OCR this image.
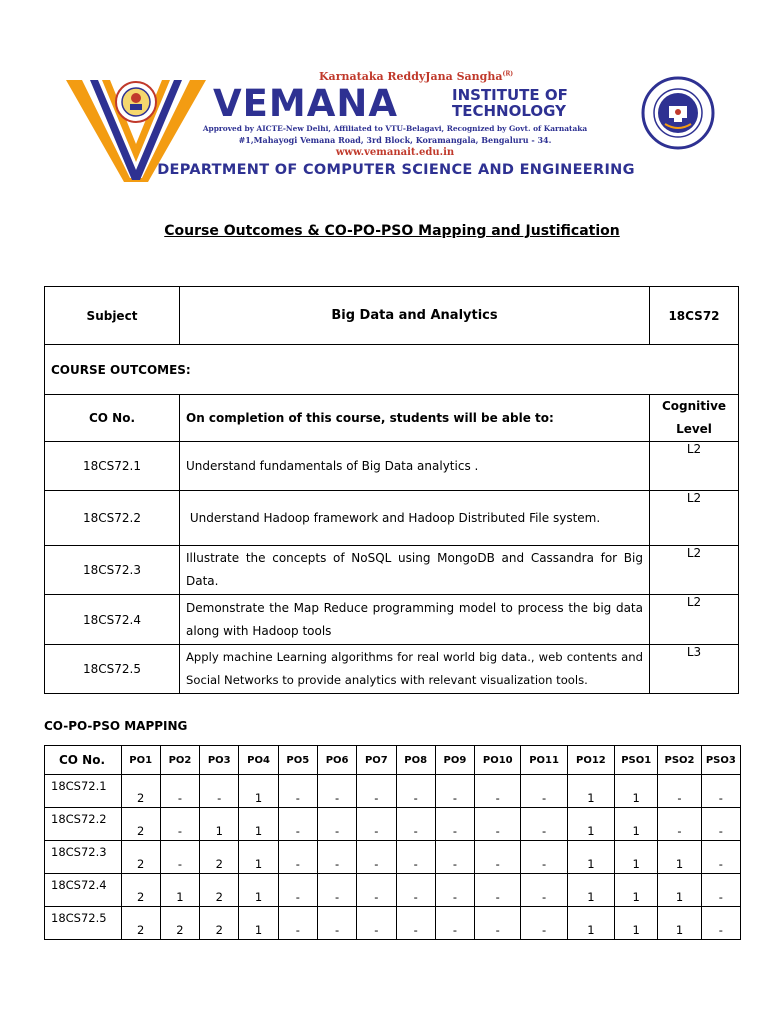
Karnataka ReddyJana Sangha$^{(R)}$
VEMANA	INSTITUTE OF
TECHNOLOGY
Approved by AICTE-New Delhi, Affiliated to VTU-Belagavi, Recognized by Govt. of Karnataka
#1,Mahayogi Vemana Road, 3rd Block, Koramangala, Bengaluru - 34.
www.vemanait.edu.in
DEPARTMENT OF COMPUTER SCIENCE AND ENGINEERING
Course Outcomes & CO-PO-PSO Mapping and Justification
Subject	Big Data and Analytics	18CS72
COURSE OUTCOMES:		
CO No.	On completion of this course, students will be able to:	Cognitive
Level

18CS72.1	Understand fundamentals of Big Data analytics .	L2
18CS72.2	Understand Hadoop framework and Hadoop Distributed File system.	L2
18CS72.3	Illustrate the concepts of NoSQL using MongoDB and Cassandra for Big Data.	L2
18CS72.4	Demonstrate the Map Reduce programming model to process the big data along with Hadoop tools	L2
18CS72.5	Apply machine Learning algorithms for real world big data., web contents and Social Networks to provide analytics with relevant visualization tools.	L3
CO-PO-PSO MAPPING
CO No.	PO1	PO2	PO3	PO4	PO5	PO6	PO7	PO8	PO9	PO10	PO11	PO12	PSO1	PSO2	PSO3
18CS72.1	2	-	-	1	-	-	-	-	-	-	-	1	1	-	-
18CS72.2	2	-	1	1	-	-	-	-	-	-	-	1	1	-	-
18CS72.3	2	-	2	1	-	-	-	-	-	-	-	1	1	1	-
18CS72.4	2	1	2	1	-	-	-	-	-	-	-	1	1	1	-
18CS72.5	2	2	2	1	-	-	-	-	-	-	-	1	1	1	-
